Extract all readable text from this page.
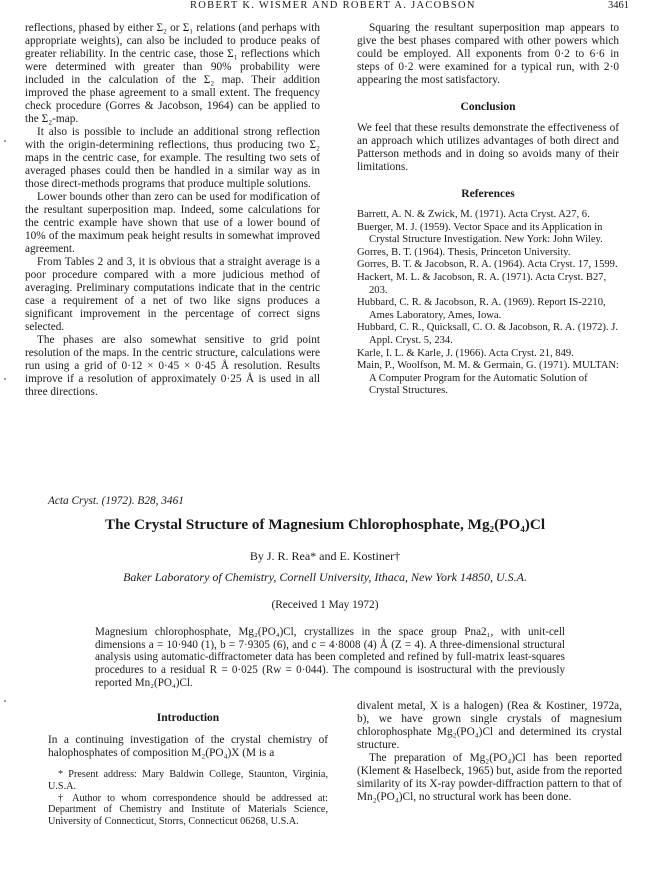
ROBERT K. WISMER AND ROBERT A. JACOBSON	3461

reflections, phased by either Σ₂ or Σ₁ relations (and perhaps with appropriate weights), can also be included to produce peaks of greater reliability. In the centric case, those Σ₁ reflections which were determined with greater than 90% probability were included in the calculation of the Σ₂ map. Their addition improved the phase agreement to a small extent. The frequency check procedure (Gorres & Jacobson, 1964) can be applied to the Σ₂-map.

It also is possible to include an additional strong reflection with the origin-determining reflections, thus producing two Σ₂ maps in the centric case, for example. The resulting two sets of averaged phases could then be handled in a similar way as in those direct-methods programs that produce multiple solutions.

Lower bounds other than zero can be used for modification of the resultant superposition map. Indeed, some calculations for the centric example have shown that use of a lower bound of 10% of the maximum peak height results in somewhat improved agreement.

From Tables 2 and 3, it is obvious that a straight average is a poor procedure compared with a more judicious method of averaging. Preliminary computations indicate that in the centric case a requirement of a net of two like signs produces a significant improvement in the percentage of correct signs selected.

The phases are also somewhat sensitive to grid point resolution of the maps. In the centric structure, calculations were run using a grid of 0·12 × 0·45 × 0·45 Å resolution. Results improve if a resolution of approximately 0·25 Å is used in all three directions.

Squaring the resultant superposition map appears to give the best phases compared with other powers which could be employed. All exponents from 0·2 to 6·6 in steps of 0·2 were examined for a typical run, with 2·0 appearing the most satisfactory.

Conclusion

We feel that these results demonstrate the effectiveness of an approach which utilizes advantages of both direct and Patterson methods and in doing so avoids many of their limitations.

References

Barrett, A. N. & Zwick, M. (1971). Acta Cryst. A27, 6.

Buerger, M. J. (1959). Vector Space and its Application in Crystal Structure Investigation. New York: John Wiley.

Gorres, B. T. (1964). Thesis, Princeton University.

Gorres, B. T. & Jacobson, R. A. (1964). Acta Cryst. 17, 1599.

Hackert, M. L. & Jacobson, R. A. (1971). Acta Cryst. B27, 203.

Hubbard, C. R. & Jacobson, R. A. (1969). Report IS-2210, Ames Laboratory, Ames, Iowa.

Hubbard, C. R., Quicksall, C. O. & Jacobson, R. A. (1972). J. Appl. Cryst. 5, 234.

Karle, I. L. & Karle, J. (1966). Acta Cryst. 21, 849.

Main, P., Woolfson, M. M. & Germain, G. (1971). MULTAN: A Computer Program for the Automatic Solution of Crystal Structures.

Acta Cryst. (1972). B28, 3461
The Crystal Structure of Magnesium Chlorophosphate, Mg₂(PO₄)Cl
By J. R. Rea* and E. Kostiner†
Baker Laboratory of Chemistry, Cornell University, Ithaca, New York 14850, U.S.A.
(Received 1 May 1972)
Magnesium chlorophosphate, Mg₂(PO₄)Cl, crystallizes in the space group Pna2₁, with unit-cell dimensions a = 10·940 (1), b = 7·9305 (6), and c = 4·8008 (4) Å (Z = 4). A three-dimensional structural analysis using automatic-diffractometer data has been completed and refined by full-matrix least-squares procedures to a residual R = 0·025 (Rw = 0·044). The compound is isostructural with the previously reported Mn₂(PO₄)Cl.

Introduction

In a continuing investigation of the crystal chemistry of halophosphates of composition M₂(PO₄)X (M is a

* Present address: Mary Baldwin College, Staunton, Virginia, U.S.A.

† Author to whom correspondence should be addressed at: Department of Chemistry and Institute of Materials Science, University of Connecticut, Storrs, Connecticut 06268, U.S.A.

divalent metal, X is a halogen) (Rea & Kostiner, 1972a, b), we have grown single crystals of magnesium chlorophosphate Mg₂(PO₄)Cl and determined its crystal structure.

The preparation of Mg₂(PO₄)Cl has been reported (Klement & Haselbeck, 1965) but, aside from the reported similarity of its X-ray powder-diffraction pattern to that of Mn₂(PO₄)Cl, no structural work has been done.
